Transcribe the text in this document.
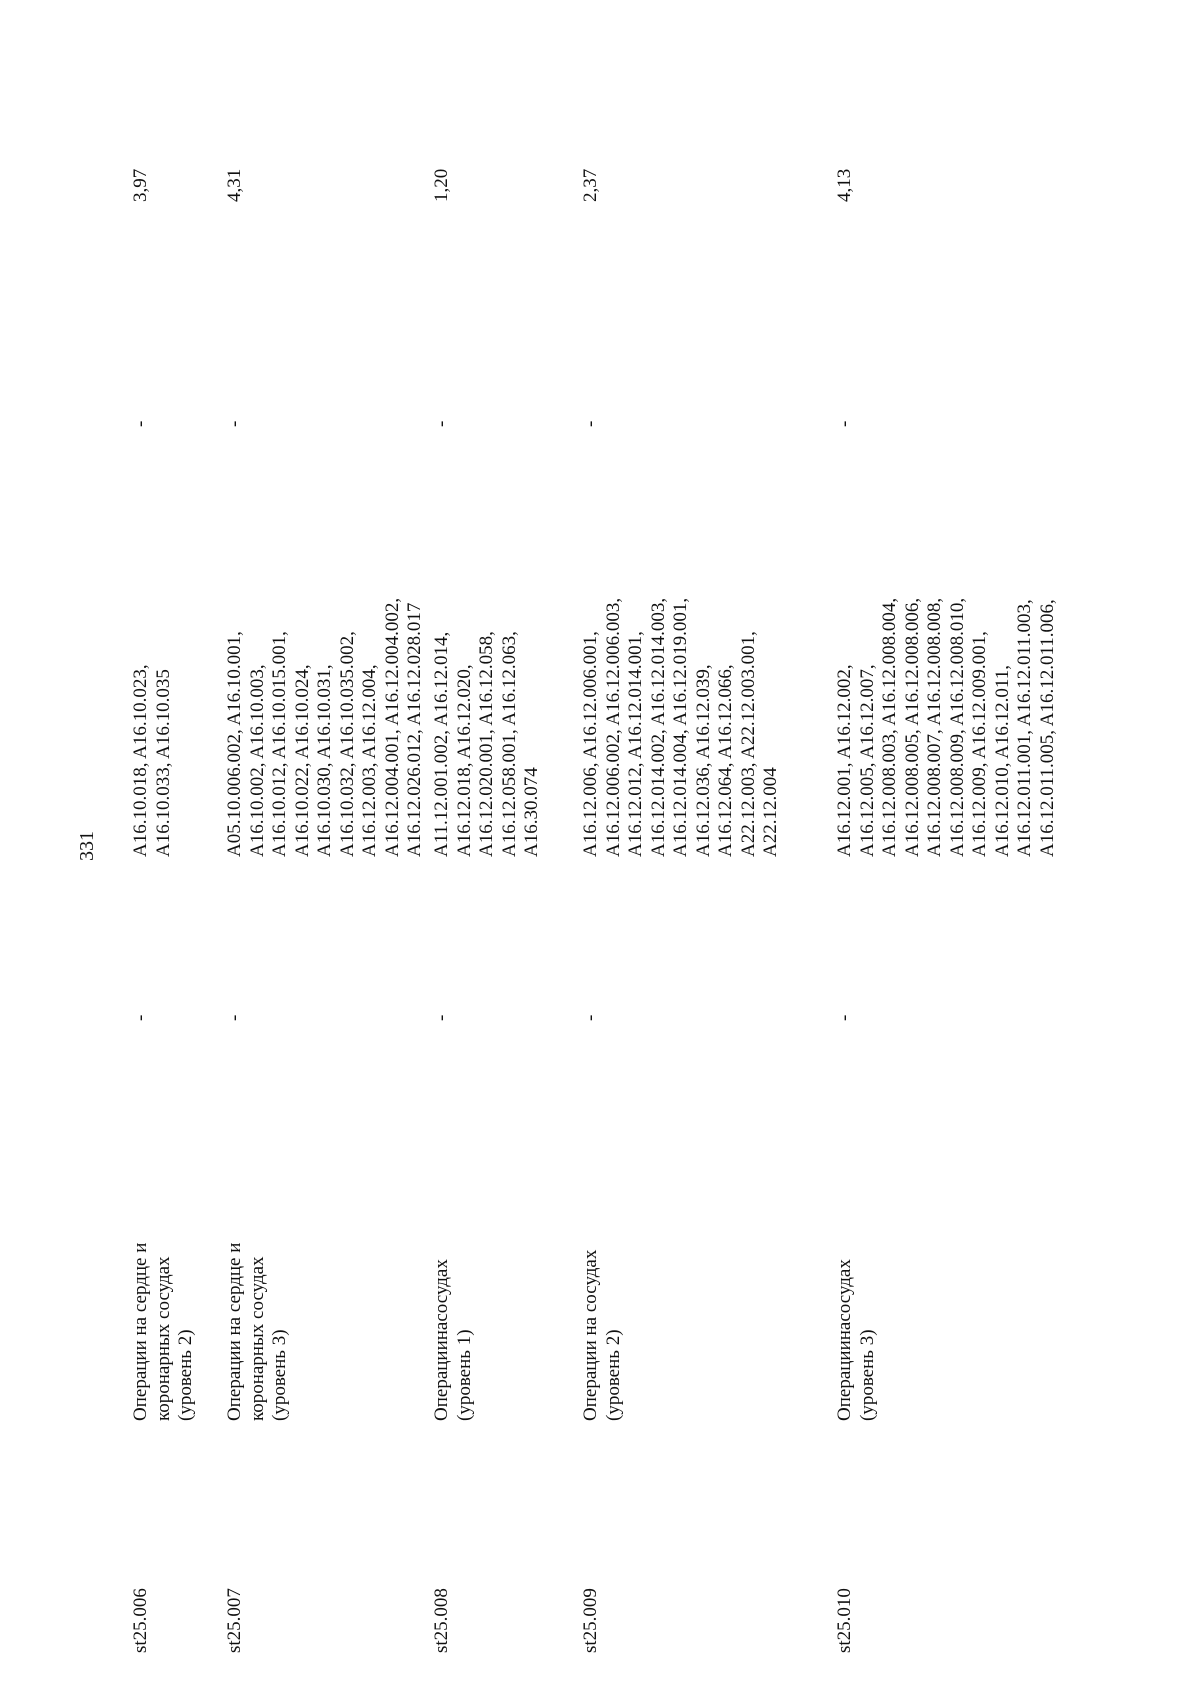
331
st25.006
Операции на сердце и коронарных сосудах (уровень 2)
-
A16.10.018, A16.10.023, A16.10.033, A16.10.035
-
3,97
st25.007
Операции на сердце и коронарных сосудах (уровень 3)
-
A05.10.006.002, A16.10.001, A16.10.002, A16.10.003, A16.10.012, A16.10.015.001, A16.10.022, A16.10.024, A16.10.030, A16.10.031, A16.10.032, A16.10.035.002, A16.12.003, A16.12.004, A16.12.004.001, A16.12.004.002, A16.12.026.012, A16.12.028.017
-
4,31
st25.008
Операциинасосудах (уровень 1)
-
A11.12.001.002, A16.12.014, A16.12.018, A16.12.020, A16.12.020.001, A16.12.058, A16.12.058.001, A16.12.063, A16.30.074
-
1,20
st25.009
Операции на сосудах (уровень 2)
-
A16.12.006, A16.12.006.001, A16.12.006.002, A16.12.006.003, A16.12.012, A16.12.014.001, A16.12.014.002, A16.12.014.003, A16.12.014.004, A16.12.019.001, A16.12.036, A16.12.039, A16.12.064, A16.12.066, A22.12.003, A22.12.003.001, A22.12.004
-
2,37
st25.010
Операциинасосудах (уровень 3)
-
A16.12.001, A16.12.002, A16.12.005, A16.12.007, A16.12.008.003, A16.12.008.004, A16.12.008.005, A16.12.008.006, A16.12.008.007, A16.12.008.008, A16.12.008.009, A16.12.008.010, A16.12.009, A16.12.009.001, A16.12.010, A16.12.011, A16.12.011.001, A16.12.011.003, A16.12.011.005, A16.12.011.006,
-
4,13
